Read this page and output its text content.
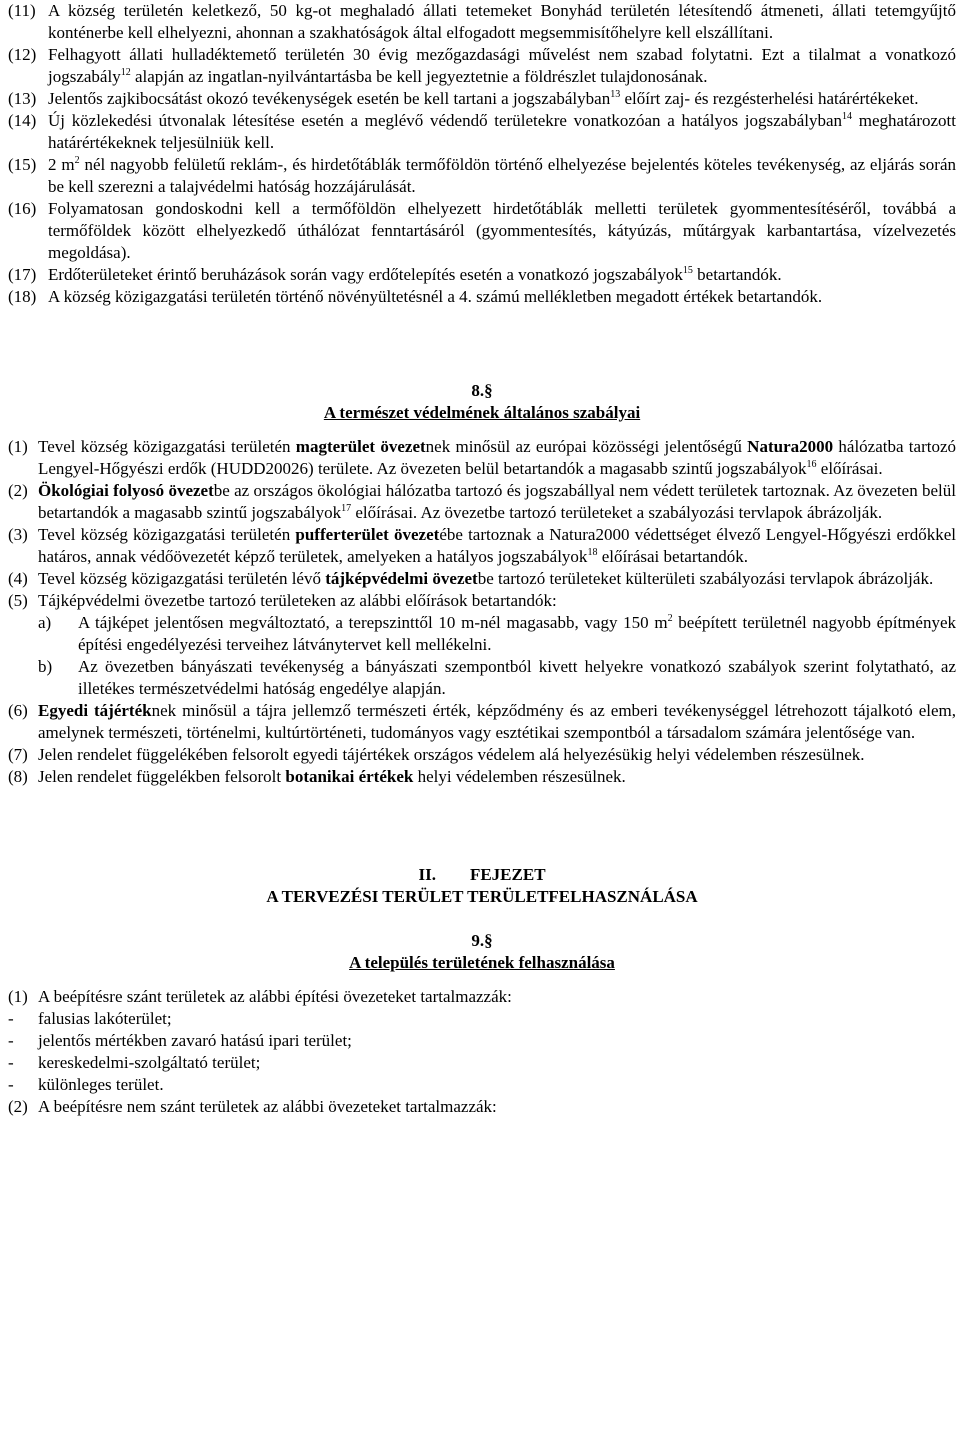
(11) A község területén keletkező, 50 kg-ot meghaladó állati tetemeket Bonyhád területén létesítendő átmeneti, állati tetemgyűjtő konténerbe kell elhelyezni, ahonnan a szakhatóságok által elfogadott megsemmisítőhelyre kell elszállítani.
(12) Felhagyott állati hulladéktemető területén 30 évig mezőgazdasági művelést nem szabad folytatni. Ezt a tilalmat a vonatkozó jogszabály$^{12}$ alapján az ingatlan-nyilvántartásba be kell jegyeztetnie a földrészlet tulajdonosának.
(13) Jelentős zajkibocsátást okozó tevékenységek esetén be kell tartani a jogszabályban$^{13}$ előírt zaj- és rezgésterhelési határértékeket.
(14) Új közlekedési útvonalak létesítése esetén a meglévő védendő területekre vonatkozóan a hatályos jogszabályban$^{14}$ meghatározott határértékeknek teljesülniük kell.
(15) 2 $m^2$ nél nagyobb felületű reklám-, és hirdetőtáblák termőföldön történő elhelyezése bejelentés köteles tevékenység, az eljárás során be kell szerezni a talajvédelmi hatóság hozzájárulását.
(16) Folyamatosan gondoskodni kell a termőföldön elhelyezett hirdetőtáblák melletti területek gyommentesítéséről, továbbá a termőföldek között elhelyezkedő úthálózat fenntartásáról (gyommentesítés, kátyúzás, műtárgyak karbantartása, vízelvezetés megoldása).
(17) Erdőterületeket érintő beruházások során vagy erdőtelepítés esetén a vonatkozó jogszabályok$^{15}$ betartandók.
(18) A község közigazgatási területén történő növényültetésnél a 4. számú mellékletben megadott értékek betartandók.
8.§
A természet védelmének általános szabályai
(1) Tevel község közigazgatási területén magterület övezetnek minősül az európai közösségi jelentőségű Natura2000 hálózatba tartozó Lengyel-Hőgyészi erdők (HUDD20026) területe. Az övezeten belül betartandók a magasabb szintű jogszabályok$^{16}$ előírásai.
(2) Ökológiai folyosó övezetbe az országos ökológiai hálózatba tartozó és jogszabállyal nem védett területek tartoznak. Az övezeten belül betartandók a magasabb szintű jogszabályok$^{17}$ előírásai. Az övezetbe tartozó területeket a szabályozási tervlapok ábrázolják.
(3) Tevel község közigazgatási területén pufferterület övezetébe tartoznak a Natura2000 védettséget élvező Lengyel-Hőgyészi erdőkkel határos, annak védőövezetét képző területek, amelyeken a hatályos jogszabályok$^{18}$ előírásai betartandók.
(4) Tevel község közigazgatási területén lévő tájképvédelmi övezetbe tartozó területeket külterületi szabályozási tervlapok ábrázolják.
(5) Tájképvédelmi övezetbe tartozó területeken az alábbi előírások betartandók:
a) A tájképet jelentősen megváltoztató, a terepszinttől 10 m-nél magasabb, vagy 150 $m^2$ beépített területnél nagyobb építmények építési engedélyezési terveihez látványtervet kell mellékelni.
b) Az övezetben bányászati tevékenység a bányászati szempontból kivett helyekre vonatkozó szabályok szerint folytatható, az illetékes természetvédelmi hatóság engedélye alapján.
(6) Egyedi tájértéknek minősül a tájra jellemző természeti érték, képződmény és az emberi tevékenységgel létrehozott tájalkotó elem, amelynek természeti, történelmi, kultúrtörténeti, tudományos vagy esztétikai szempontból a társadalom számára jelentősége van.
(7) Jelen rendelet függelékében felsorolt egyedi tájértékek országos védelem alá helyezésükig helyi védelemben részesülnek.
(8) Jelen rendelet függelékben felsorolt botanikai értékek helyi védelemben részesülnek.
II.        FEJEZET
A TERVEZÉSI TERÜLET TERÜLETFELHASZNÁLÁSA
9.§
A település területének felhasználása
(1) A beépítésre szánt területek az alábbi építési övezeteket tartalmazzák:
- falusias lakóterület;
- jelentős mértékben zavaró hatású ipari terület;
- kereskedelmi-szolgáltató terület;
- különleges terület.
(2) A beépítésre nem szánt területek az alábbi övezeteket tartalmazzák:
